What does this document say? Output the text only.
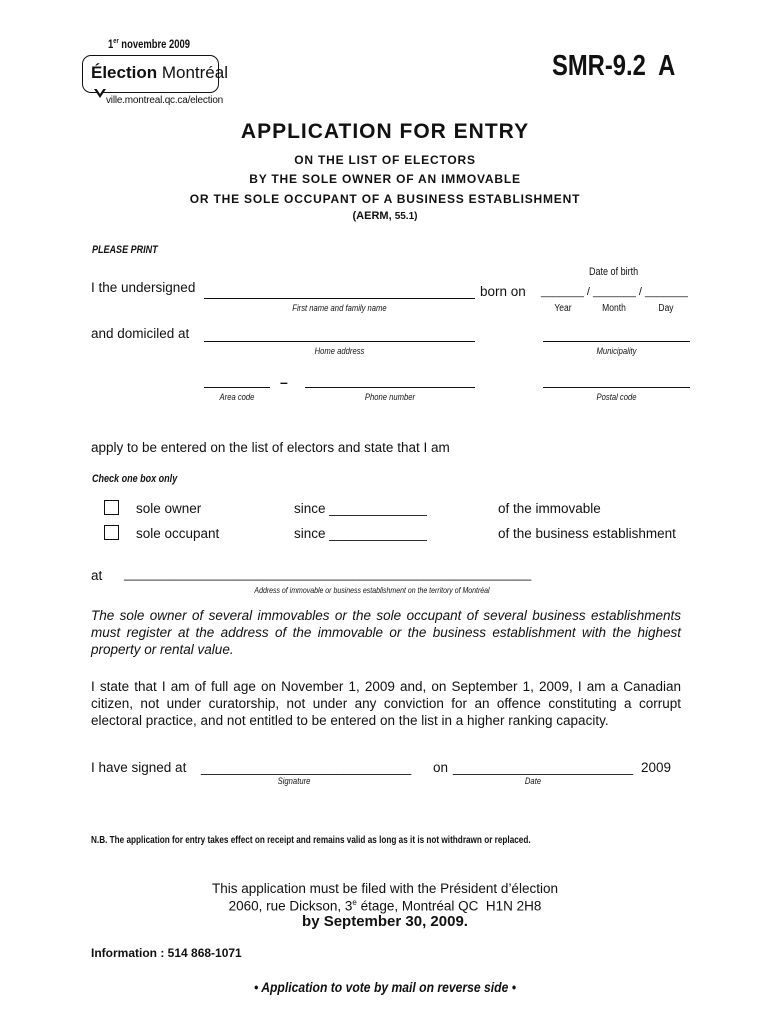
1er novembre 2009
Élection Montréal
ville.montreal.qc.ca/election
SMR-9.2  A
APPLICATION FOR ENTRY
ON THE LIST OF ELECTORS
BY THE SOLE OWNER OF AN IMMOVABLE
OR THE SOLE OCCUPANT OF A BUSINESS ESTABLISHMENT
(AERM, 55.1)
PLEASE PRINT
Date of birth
I the undersigned
First name and family name
born on _______ / _______ / _______
Year	Month	Day
and domiciled at
Home address	Municipality
–
Area code	Phone number	Postal code
apply to be entered on the list of electors and state that I am
Check one box only
sole owner	since _____________	of the immovable
sole occupant	since _____________	of the business establishment
at ________________________________________________________________
Address of immovable or business establishment on the territory of Montréal
The sole owner of several immovables or the sole occupant of several business establishments must register at the address of the immovable or the business establishment with the highest property or rental value.
I state that I am of full age on November 1, 2009 and, on September 1, 2009, I am a Canadian citizen, not under curatorship, not under any conviction for an offence constituting a corrupt electoral practice, and not entitled to be entered on the list in a higher ranking capacity.
I have signed at ____________________________ on ________________________ 2009
Signature	Date
N.B. The application for entry takes effect on receipt and remains valid as long as it is not withdrawn or replaced.
This application must be filed with the Président d’élection
2060, rue Dickson, 3e étage, Montréal QC  H1N 2H8
by September 30, 2009.
Information : 514 868-1071
• Application to vote by mail on reverse side •
